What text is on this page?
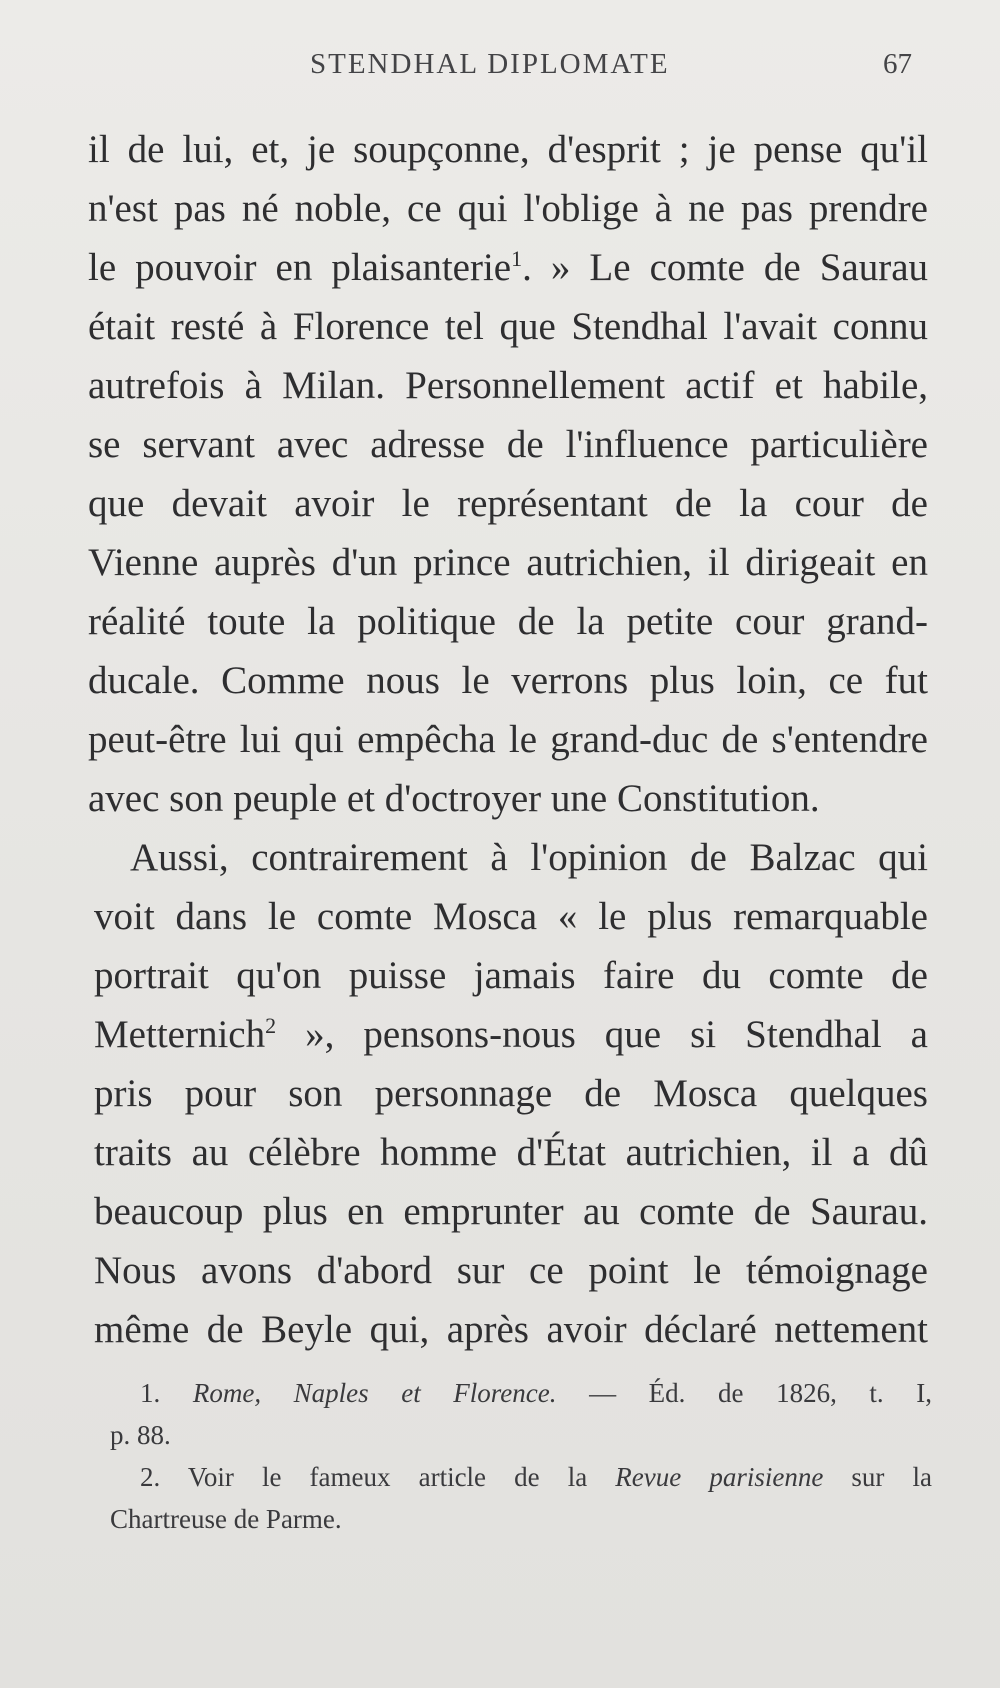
STENDHAL DIPLOMATE	67
il de lui, et, je soupçonne, d'esprit ; je pense qu'il
n'est pas né noble, ce qui l'oblige à ne pas prendre
le pouvoir en plaisanterie$^1$. » Le comte de Saurau
était resté à Florence tel que Stendhal l'avait connu
autrefois à Milan. Personnellement actif et habile,
se servant avec adresse de l'influence particulière
que devait avoir le représentant de la cour de
Vienne auprès d'un prince autrichien, il dirigeait en
réalité toute la politique de la petite cour grand-
ducale. Comme nous le verrons plus loin, ce fut
peut-être lui qui empêcha le grand-duc de s'entendre
avec son peuple et d'octroyer une Constitution.
Aussi, contrairement à l'opinion de Balzac qui
voit dans le comte Mosca « le plus remarquable
portrait qu'on puisse jamais faire du comte de
Metternich$^2$ », pensons-nous que si Stendhal a
pris pour son personnage de Mosca quelques
traits au célèbre homme d'État autrichien, il a dû
beaucoup plus en emprunter au comte de Saurau.
Nous avons d'abord sur ce point le témoignage
même de Beyle qui, après avoir déclaré nettement
1. Rome, Naples et Florence. — Éd. de 1826, t. I,
p. 88.
2. Voir le fameux article de la Revue parisienne sur la
Chartreuse de Parme.
